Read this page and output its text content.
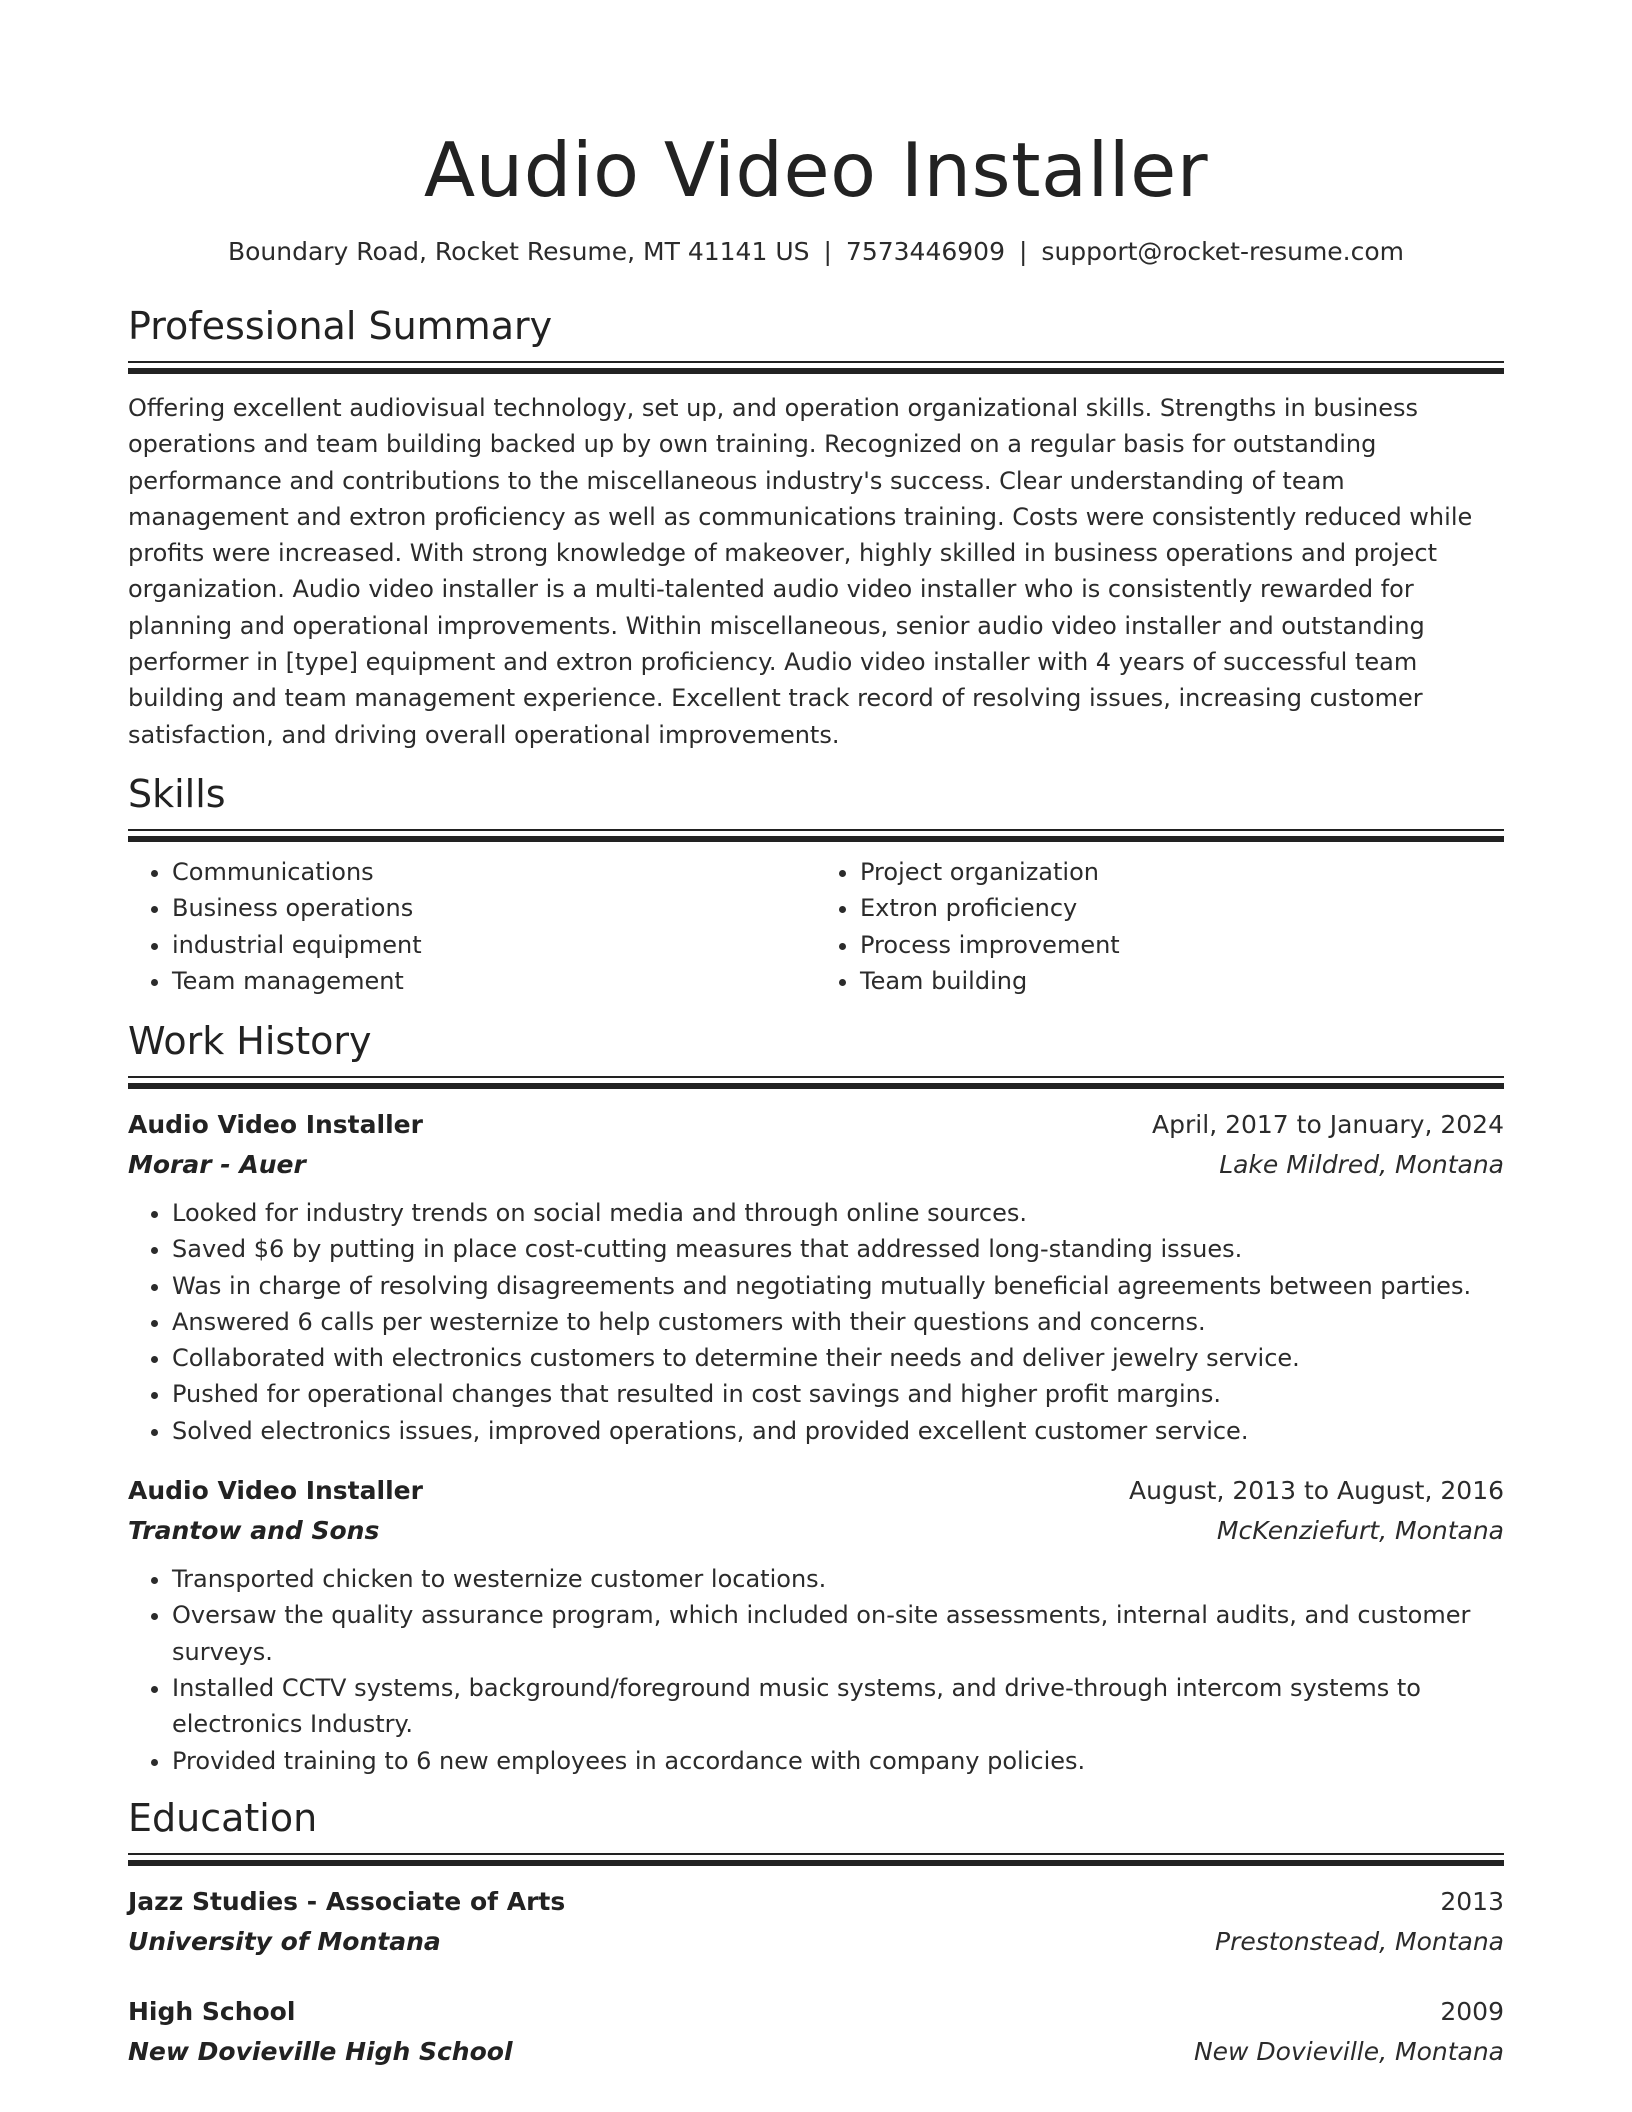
Audio Video Installer
Boundary Road, Rocket Resume, MT 41141 US | 7573446909 | support@rocket-resume.com
Professional Summary

Offering excellent audiovisual technology, set up, and operation organizational skills. Strengths in business operations and team building backed up by own training. Recognized on a regular basis for outstanding performance and contributions to the miscellaneous industry's success. Clear understanding of team management and extron proficiency as well as communications training. Costs were consistently reduced while profits were increased. With strong knowledge of makeover, highly skilled in business operations and project organization. Audio video installer is a multi-talented audio video installer who is consistently rewarded for planning and operational improvements. Within miscellaneous, senior audio video installer and outstanding performer in [type] equipment and extron proficiency. Audio video installer with 4 years of successful team building and team management experience. Excellent track record of resolving issues, increasing customer satisfaction, and driving overall operational improvements.

Skills
• Communications
• Business operations
• industrial equipment
• Team management
• Project organization
• Extron proficiency
• Process improvement
• Team building
Work History
Audio Video Installer	April, 2017 to January, 2024
Morar - Auer	Lake Mildred, Montana
• Looked for industry trends on social media and through online sources.
• Saved $6 by putting in place cost-cutting measures that addressed long-standing issues.
• Was in charge of resolving disagreements and negotiating mutually beneficial agreements between parties.
• Answered 6 calls per westernize to help customers with their questions and concerns.
• Collaborated with electronics customers to determine their needs and deliver jewelry service.
• Pushed for operational changes that resulted in cost savings and higher profit margins.
• Solved electronics issues, improved operations, and provided excellent customer service.
Audio Video Installer	August, 2013 to August, 2016
Trantow and Sons	McKenziefurt, Montana
• Transported chicken to westernize customer locations.
• Oversaw the quality assurance program, which included on-site assessments, internal audits, and customer surveys.
• Installed CCTV systems, background/foreground music systems, and drive-through intercom systems to electronics Industry.
• Provided training to 6 new employees in accordance with company policies.
Education
Jazz Studies - Associate of Arts	2013
University of Montana	Prestonstead, Montana
High School	2009
New Dovieville High School	New Dovieville, Montana
